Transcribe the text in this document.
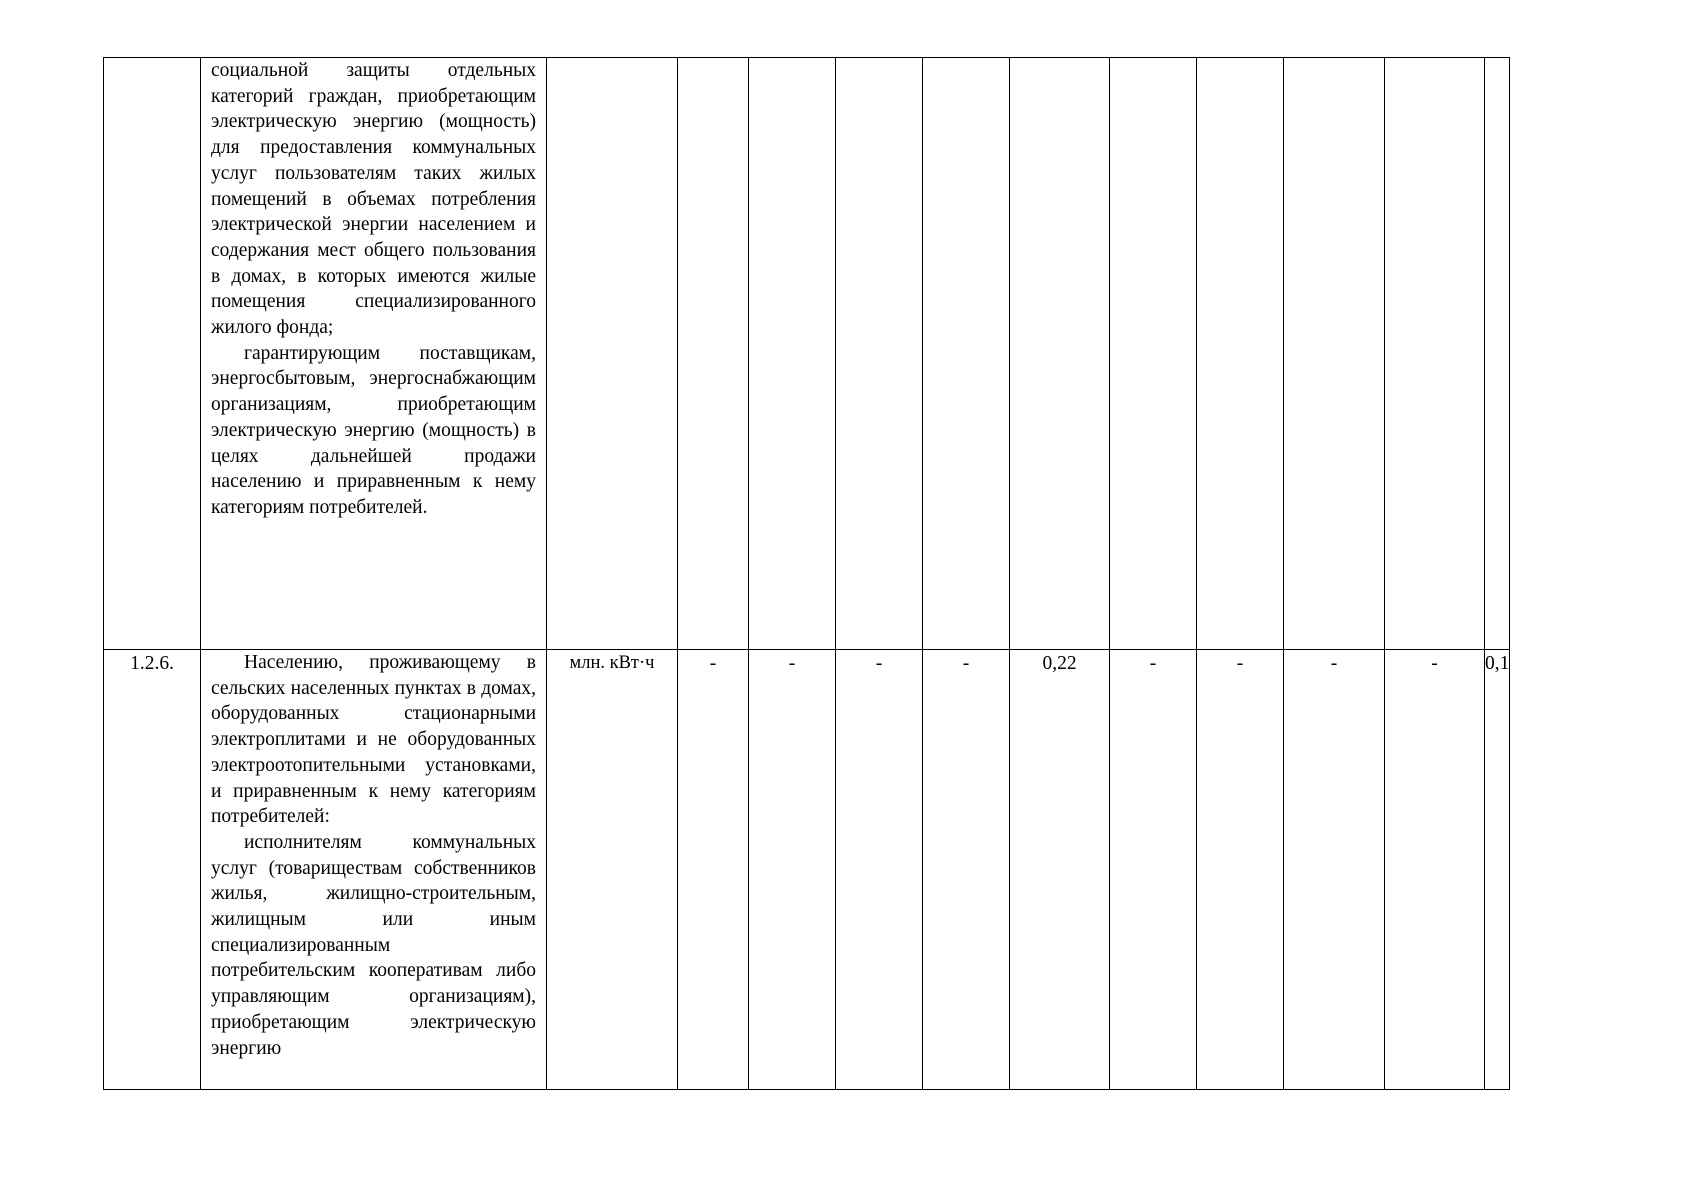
	социальной защиты отдельных категорий граждан, приобретающим электрическую энергию (мощность) для предоставления коммунальных услуг пользователям таких жилых помещений в объемах потребления электрической энергии населением и содержания мест общего пользования в домах, в которых имеются жилые помещения специализированного жилого фонда;
гарантирующим поставщикам, энергосбытовым, энергоснабжающим организациям, приобретающим электрическую энергию (мощность) в целях дальнейшей продажи населению и приравненным к нему категориям потребителей.											

1.2.6.	Населению, проживающему в сельских населенных пунктах в домах, оборудованных стационарными электроплитами и не оборудованных электроотопительными установками, и приравненным к нему категориям потребителей:
исполнителям коммунальных услуг (товариществам собственников жилья, жилищно-строительным, жилищным или иным специализированным потребительским кооперативам либо управляющим организациям), приобретающим электрическую энергию	млн. кВт·ч	-	-	-	-	0,22	-	-	-	-	0,1
